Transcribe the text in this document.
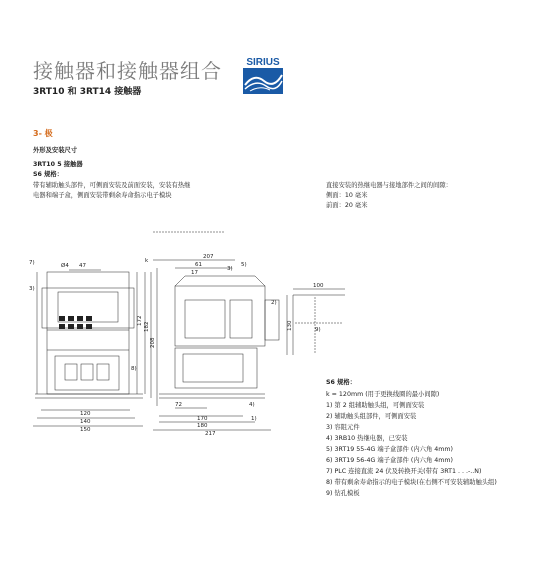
接触器和接触器组合
3RT10 和 3RT14 接触器
SIRIUS
3- 极
外形及安装尺寸
3RT10 5 接触器
S6 规格：
带有辅助触头部件，可侧面安装及前面安装，安装有热继
电器和端子盒，侧面安装带剩余寿命指示电子模块
直接安装的热继电器与接地部件之间的间隙：
侧面：10 毫米
前面：20 毫米
120
140
150
47
Ø4
7)
3)
8)
172
182
208
k
207
61
17
3)
5)
2)
4)
72
170
180
217
1)
100
130	9)
S6 规格：
k = 120mm (用于更换线圈的最小间隙)
1) 第 2 组辅助触头组，可侧面安装
2) 辅助触头组部件，可侧面安装
3) 容阻元件
4) 3RB10 热继电器，已安装
5) 3RT19 55-4G 端子盒部件 (内六角 4mm)
6) 3RT19 56-4G 端子盒部件 (内六角 4mm)
7) PLC 连接直流 24 伏及转换开关(带有 3RT1 . . .-..N)
8) 带有剩余寿命指示的电子模块(在右侧不可安装辅助触头组)
9) 钻孔模板
